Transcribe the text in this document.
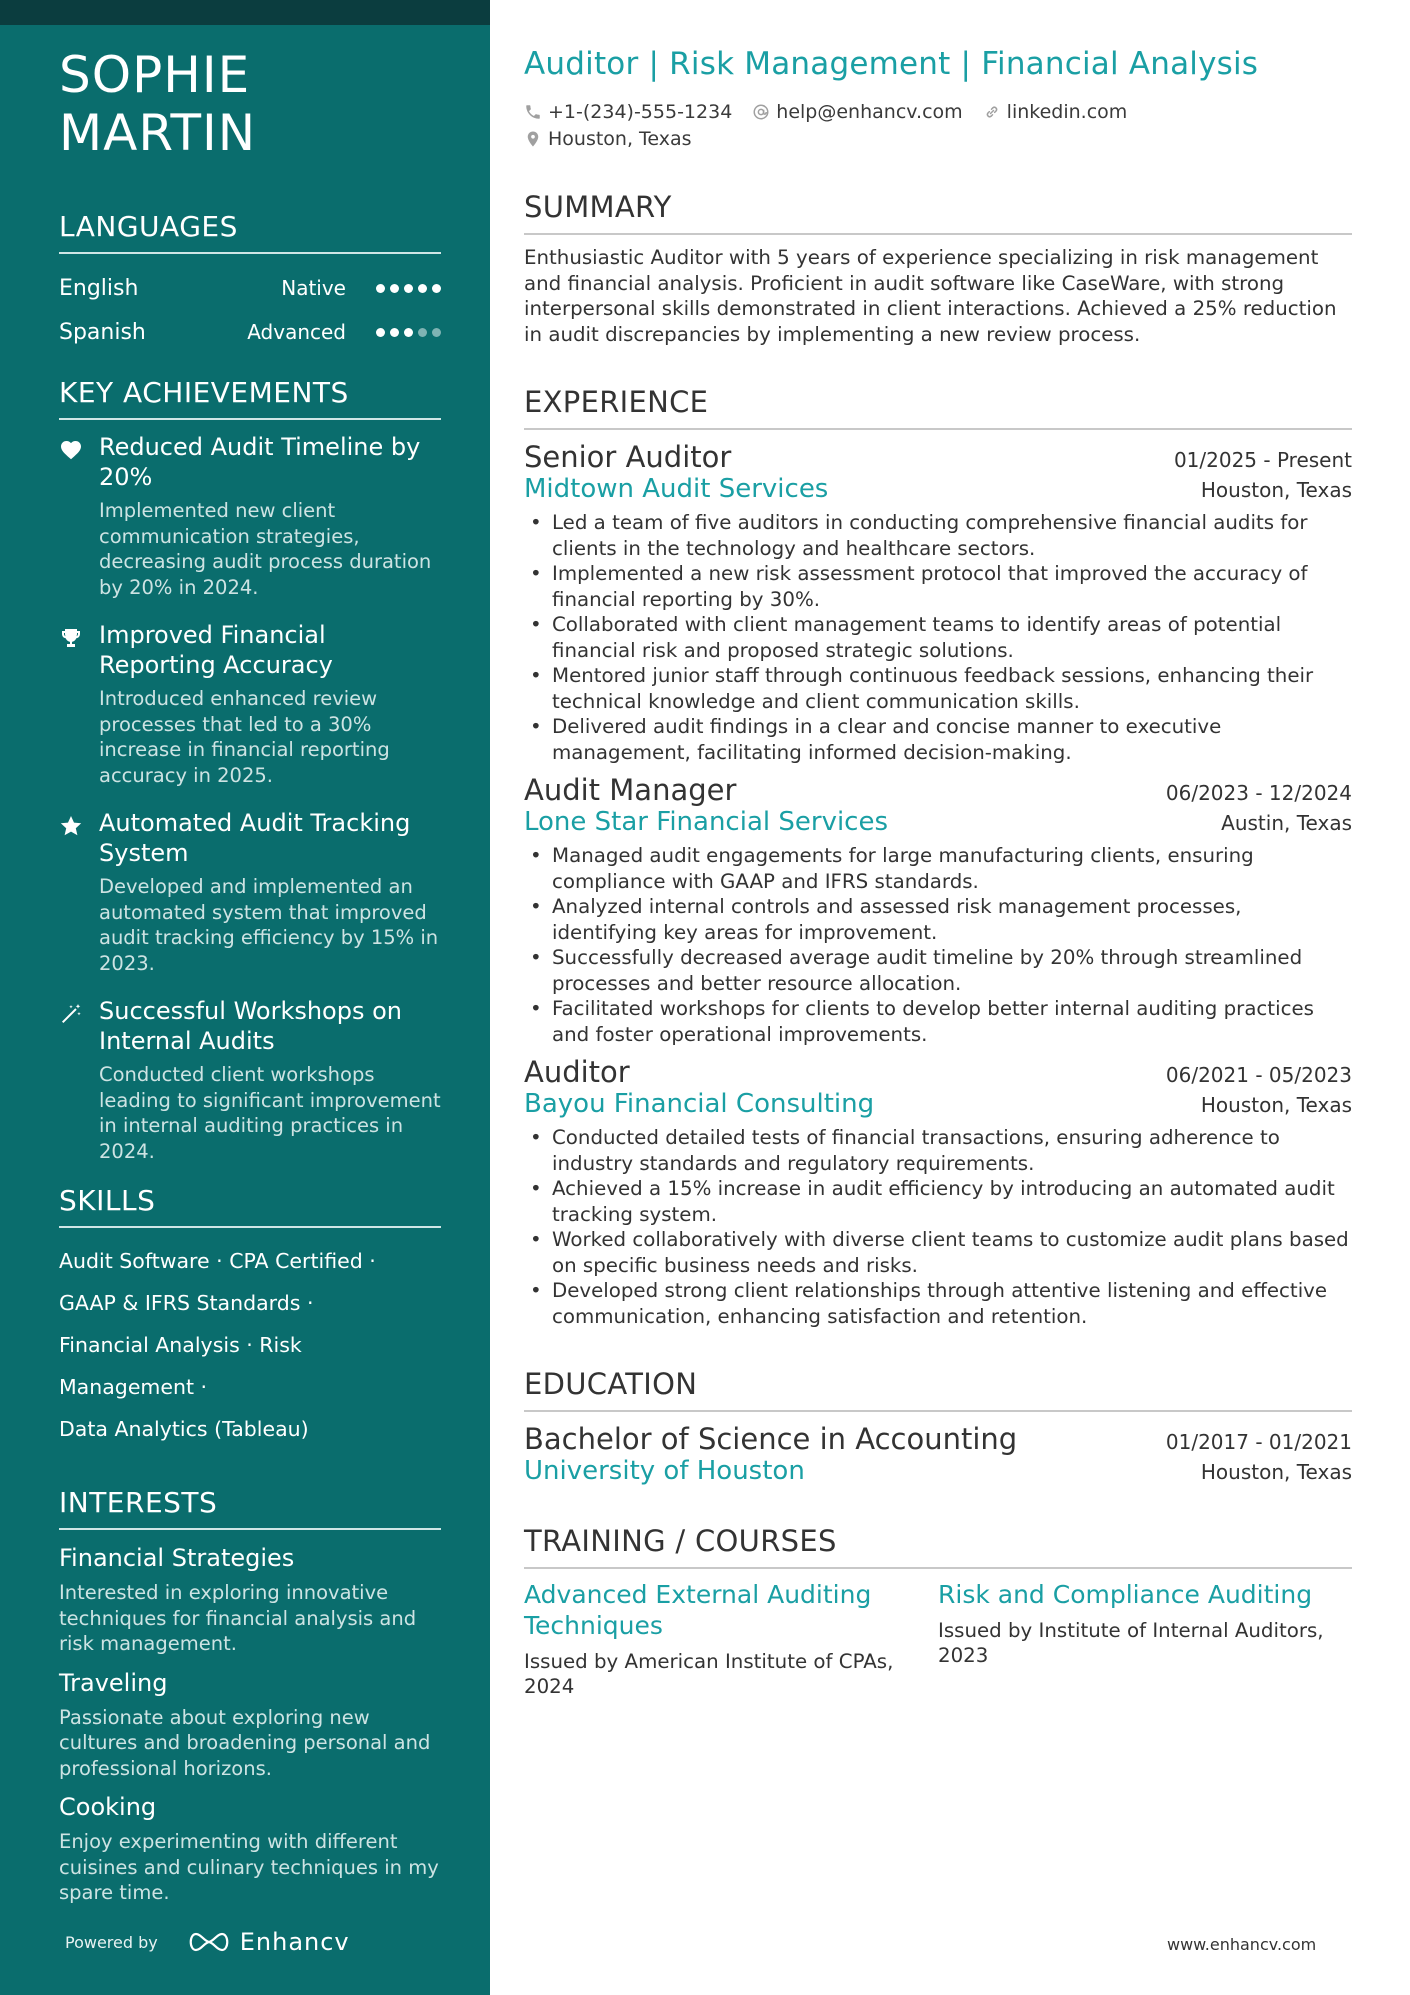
SOPHIE
MARTIN
LANGUAGES
English	Native
Spanish	Advanced
KEY ACHIEVEMENTS
Reduced Audit Timeline by 20%
Implemented new client communication strategies, decreasing audit process duration by 20% in 2024.
Improved Financial Reporting Accuracy
Introduced enhanced review processes that led to a 30% increase in financial reporting accuracy in 2025.
Automated Audit Tracking System
Developed and implemented an automated system that improved audit tracking efficiency by 15% in 2023.
Successful Workshops on Internal Audits
Conducted client workshops leading to significant improvement in internal auditing practices in 2024.
SKILLS
Audit Software · CPA Certified ·
GAAP & IFRS Standards ·
Financial Analysis · Risk Management ·
Data Analytics (Tableau)
INTERESTS
Financial Strategies
Interested in exploring innovative techniques for financial analysis and risk management.
Traveling
Passionate about exploring new cultures and broadening personal and professional horizons.
Cooking
Enjoy experimenting with different cuisines and culinary techniques in my spare time.
Powered by	Enhancv
Auditor | Risk Management | Financial Analysis
+1-(234)-555-1234 help@enhancv.com linkedin.com
Houston, Texas
SUMMARY
Enthusiastic Auditor with 5 years of experience specializing in risk management and financial analysis. Proficient in audit software like CaseWare, with strong interpersonal skills demonstrated in client interactions. Achieved a 25% reduction in audit discrepancies by implementing a new review process.
EXPERIENCE
Senior Auditor	01/2025 - Present
Midtown Audit Services	Houston, Texas
• Led a team of five auditors in conducting comprehensive financial audits for clients in the technology and healthcare sectors.
• Implemented a new risk assessment protocol that improved the accuracy of financial reporting by 30%.
• Collaborated with client management teams to identify areas of potential financial risk and proposed strategic solutions.
• Mentored junior staff through continuous feedback sessions, enhancing their technical knowledge and client communication skills.
• Delivered audit findings in a clear and concise manner to executive management, facilitating informed decision-making.
Audit Manager	06/2023 - 12/2024
Lone Star Financial Services	Austin, Texas
• Managed audit engagements for large manufacturing clients, ensuring compliance with GAAP and IFRS standards.
• Analyzed internal controls and assessed risk management processes, identifying key areas for improvement.
• Successfully decreased average audit timeline by 20% through streamlined processes and better resource allocation.
• Facilitated workshops for clients to develop better internal auditing practices and foster operational improvements.
Auditor	06/2021 - 05/2023
Bayou Financial Consulting	Houston, Texas
• Conducted detailed tests of financial transactions, ensuring adherence to industry standards and regulatory requirements.
• Achieved a 15% increase in audit efficiency by introducing an automated audit tracking system.
• Worked collaboratively with diverse client teams to customize audit plans based on specific business needs and risks.
• Developed strong client relationships through attentive listening and effective communication, enhancing satisfaction and retention.
EDUCATION
Bachelor of Science in Accounting	01/2017 - 01/2021
University of Houston	Houston, Texas
TRAINING / COURSES
Advanced External Auditing Techniques
Issued by American Institute of CPAs, 2024
Risk and Compliance Auditing
Issued by Institute of Internal Auditors, 2023
www.enhancv.com
